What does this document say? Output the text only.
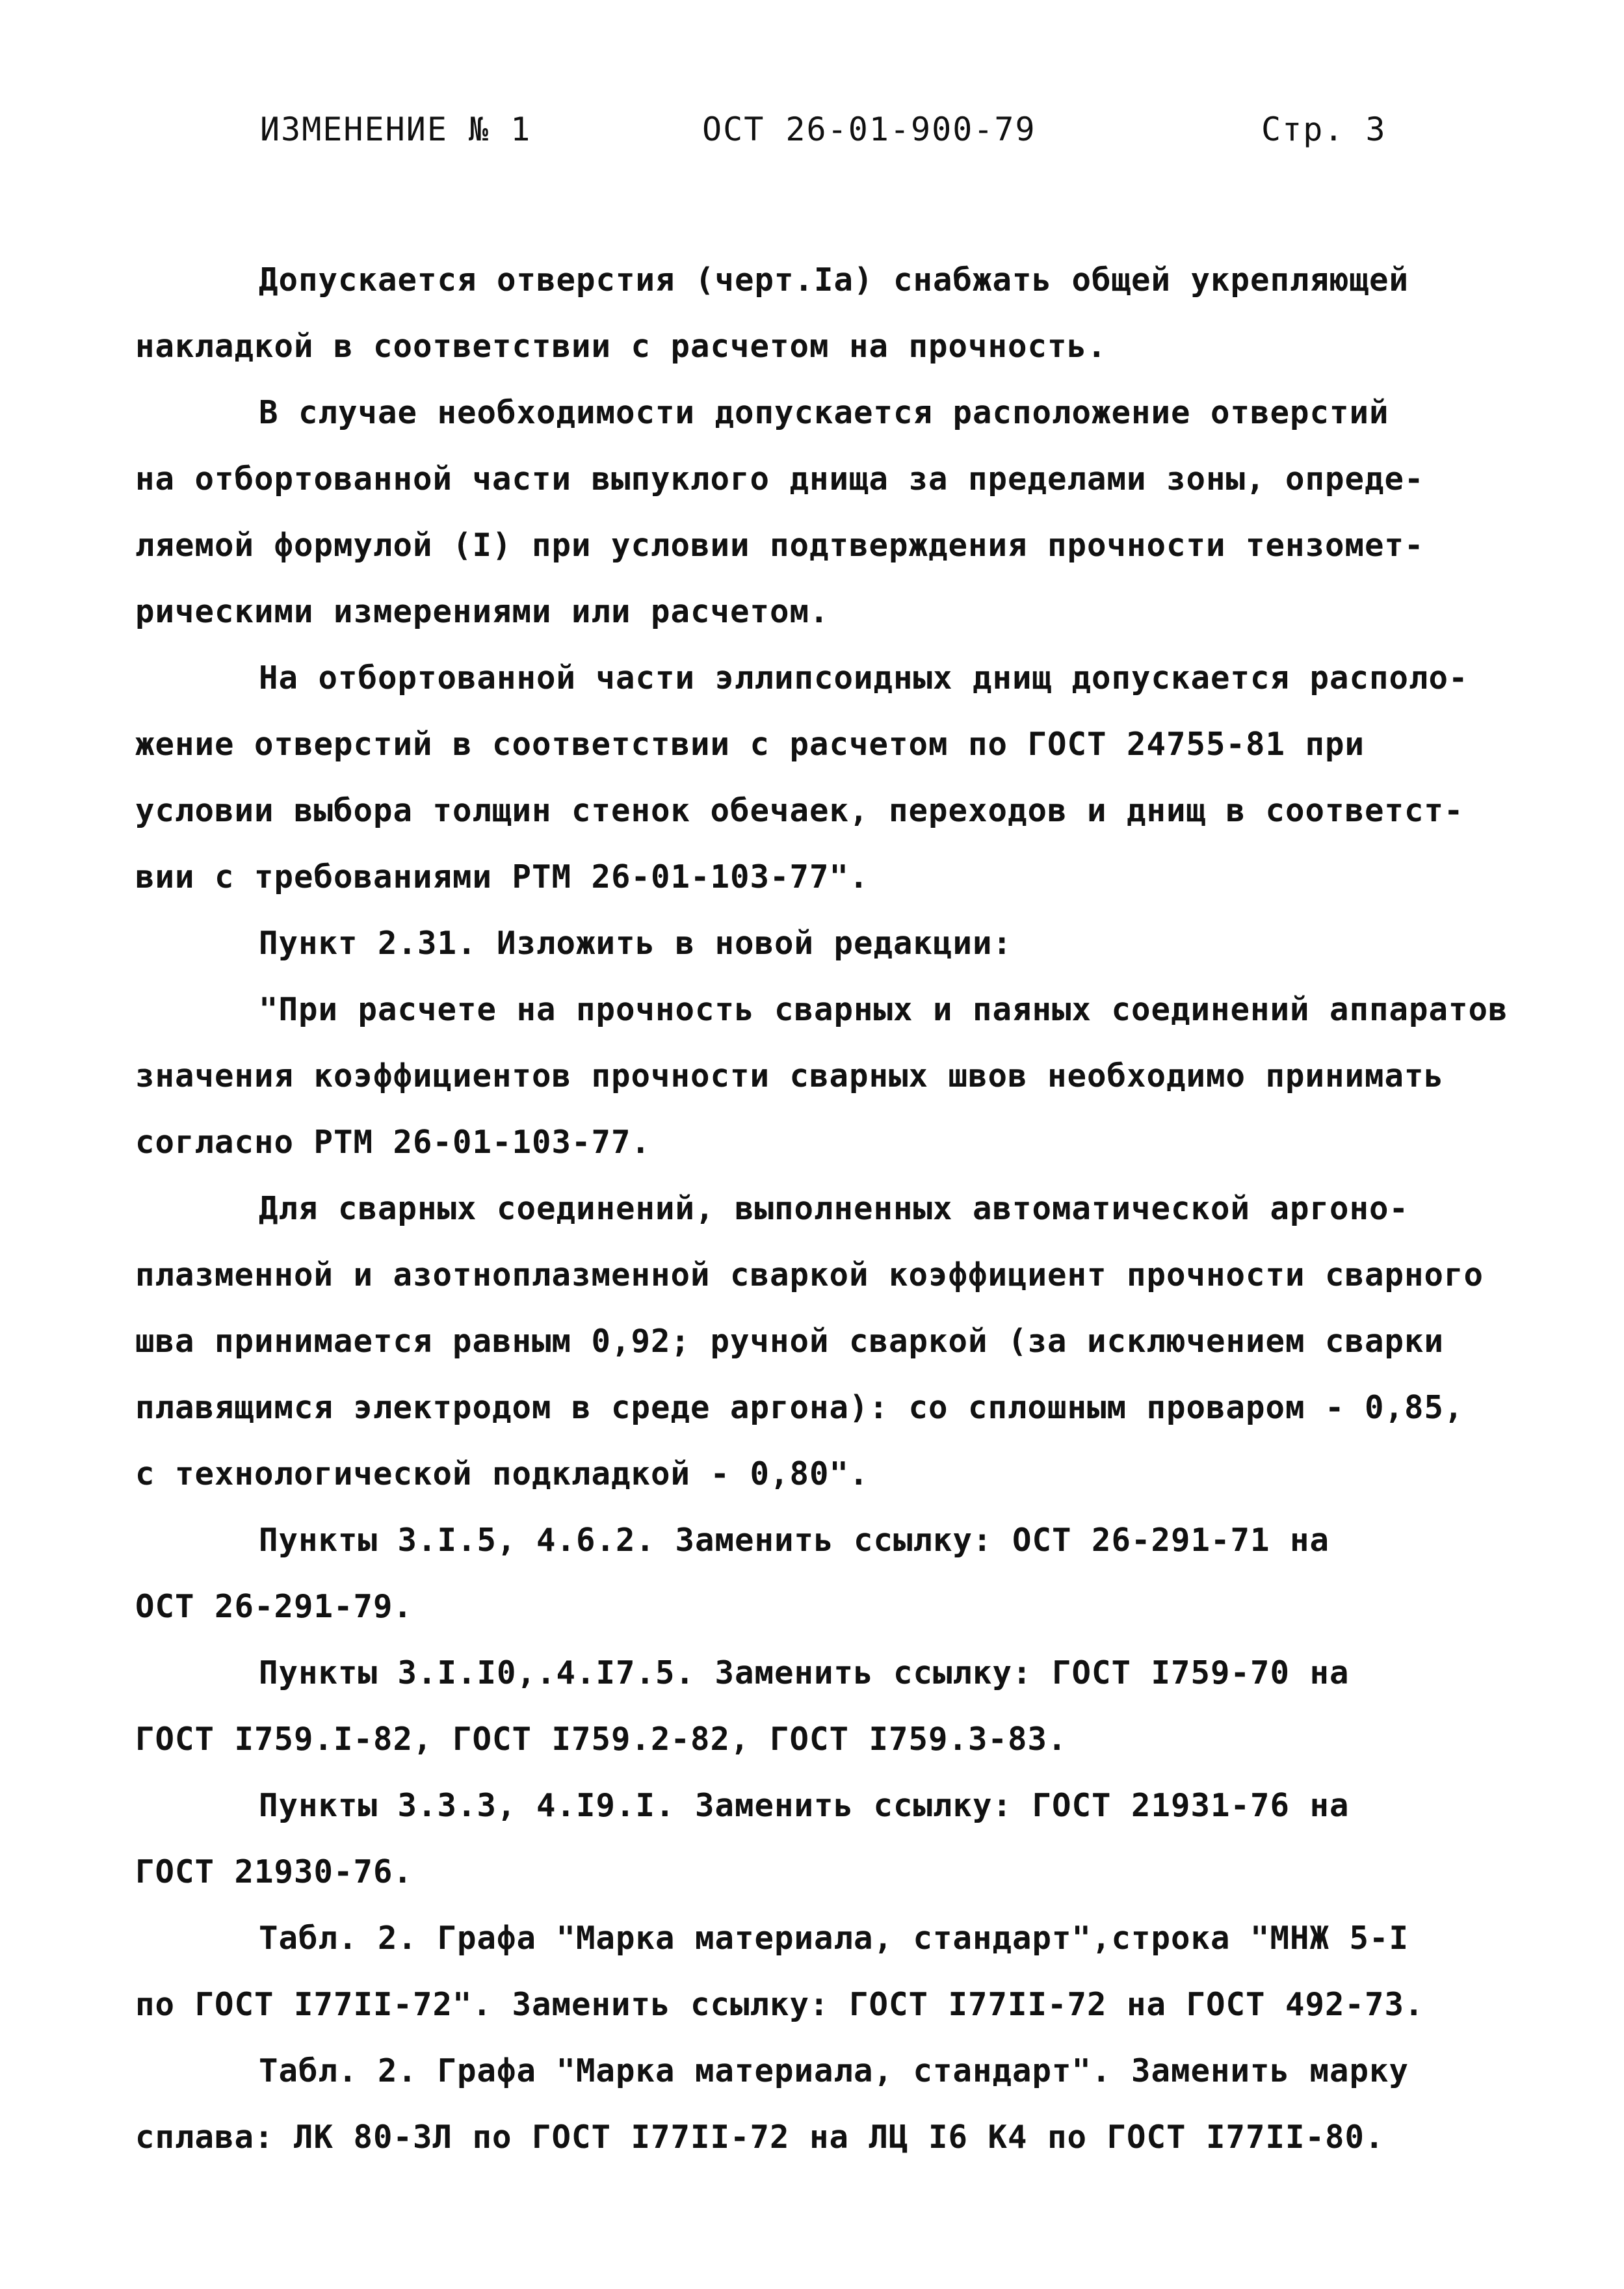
ИЗМЕНЕНИЕ № 1	ОСТ 26-01-900-79	Стр. 3
Допускается отверстия (черт.Iа) снабжать общей укрепляющей
накладкой в соответствии с расчетом на прочность.
В случае необходимости допускается расположение отверстий
на отбортованной части выпуклого днища за пределами зоны, опреде-
ляемой формулой (I) при условии подтверждения прочности тензомет-
рическими измерениями или расчетом.
На отбортованной части эллипсоидных днищ допускается располо-
жение отверстий в соответствии с расчетом по ГОСТ 24755-81 при
условии выбора толщин стенок обечаек, переходов и днищ в соответст-
вии с требованиями РТМ 26-01-103-77".
Пункт 2.31. Изложить в новой редакции:
"При расчете на прочность сварных и паяных соединений аппаратов
значения коэффициентов прочности сварных швов необходимо принимать
согласно РТМ 26-01-103-77.
Для сварных соединений, выполненных автоматической аргоно-
плазменной и азотноплазменной сваркой коэффициент прочности сварного
шва принимается равным 0,92; ручной сваркой (за исключением сварки
плавящимся электродом в среде аргона): со сплошным проваром - 0,85,
с технологической подкладкой - 0,80".
Пункты 3.I.5, 4.6.2. Заменить ссылку: ОСТ 26-291-71 на
ОСТ 26-291-79.
Пункты 3.I.I0,.4.I7.5. Заменить ссылку: ГОСТ I759-70 на
ГОСТ I759.I-82, ГОСТ I759.2-82, ГОСТ I759.3-83.
Пункты 3.3.3, 4.I9.I. Заменить ссылку: ГОСТ 21931-76 на
ГОСТ 21930-76.
Табл. 2. Графа "Марка материала, стандарт",строка "МНЖ 5-I
по ГОСТ I77II-72". Заменить ссылку: ГОСТ I77II-72 на ГОСТ 492-73.
Табл. 2. Графа "Марка материала, стандарт". Заменить марку
сплава: ЛК 80-3Л по ГОСТ I77II-72 на ЛЦ I6 К4 по ГОСТ I77II-80.
